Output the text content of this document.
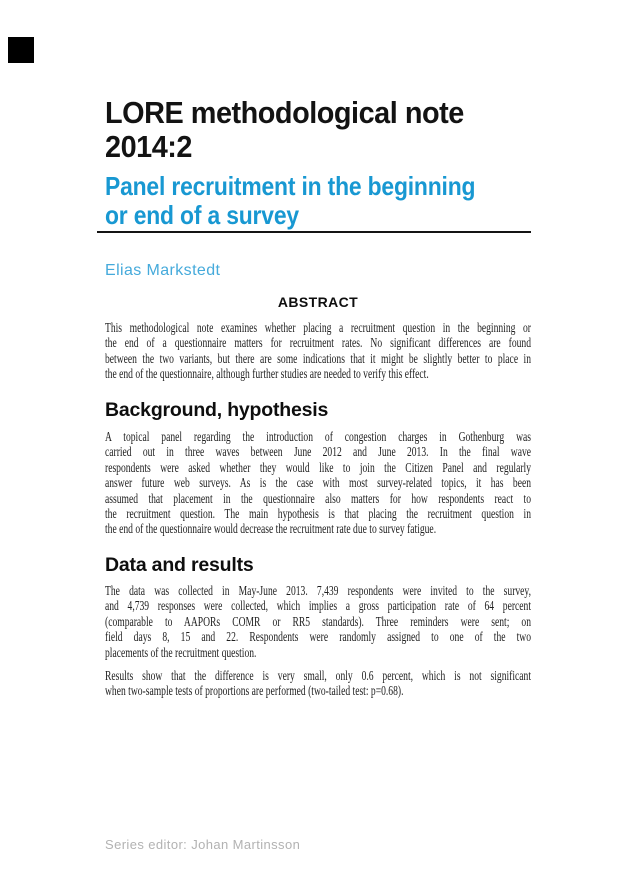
LORE methodological note
2014:2
Panel recruitment in the beginning
or end of a survey
Elias Markstedt
ABSTRACT
This methodological note examines whether placing a recruitment question in the beginning or
the end of a questionnaire matters for recruitment rates. No significant differences are found
between the two variants, but there are some indications that it might be slightly better to place in
the end of the questionnaire, although further studies are needed to verify this effect.
Background, hypothesis
A topical panel regarding the introduction of congestion charges in Gothenburg was
carried out in three waves between June 2012 and June 2013. In the final wave
respondents were asked whether they would like to join the Citizen Panel and regularly
answer future web surveys. As is the case with most survey-related topics, it has been
assumed that placement in the questionnaire also matters for how respondents react to
the recruitment question. The main hypothesis is that placing the recruitment question in
the end of the questionnaire would decrease the recruitment rate due to survey fatigue.
Data and results
The data was collected in May-June 2013. 7,439 respondents were invited to the survey,
and 4,739 responses were collected, which implies a gross participation rate of 64 percent
(comparable to AAPORs COMR or RR5 standards). Three reminders were sent; on
field days 8, 15 and 22. Respondents were randomly assigned to one of the two
placements of the recruitment question.
Results show that the difference is very small, only 0.6 percent, which is not significant
when two-sample tests of proportions are performed (two-tailed test: p=0.68).
Series editor: Johan Martinsson
